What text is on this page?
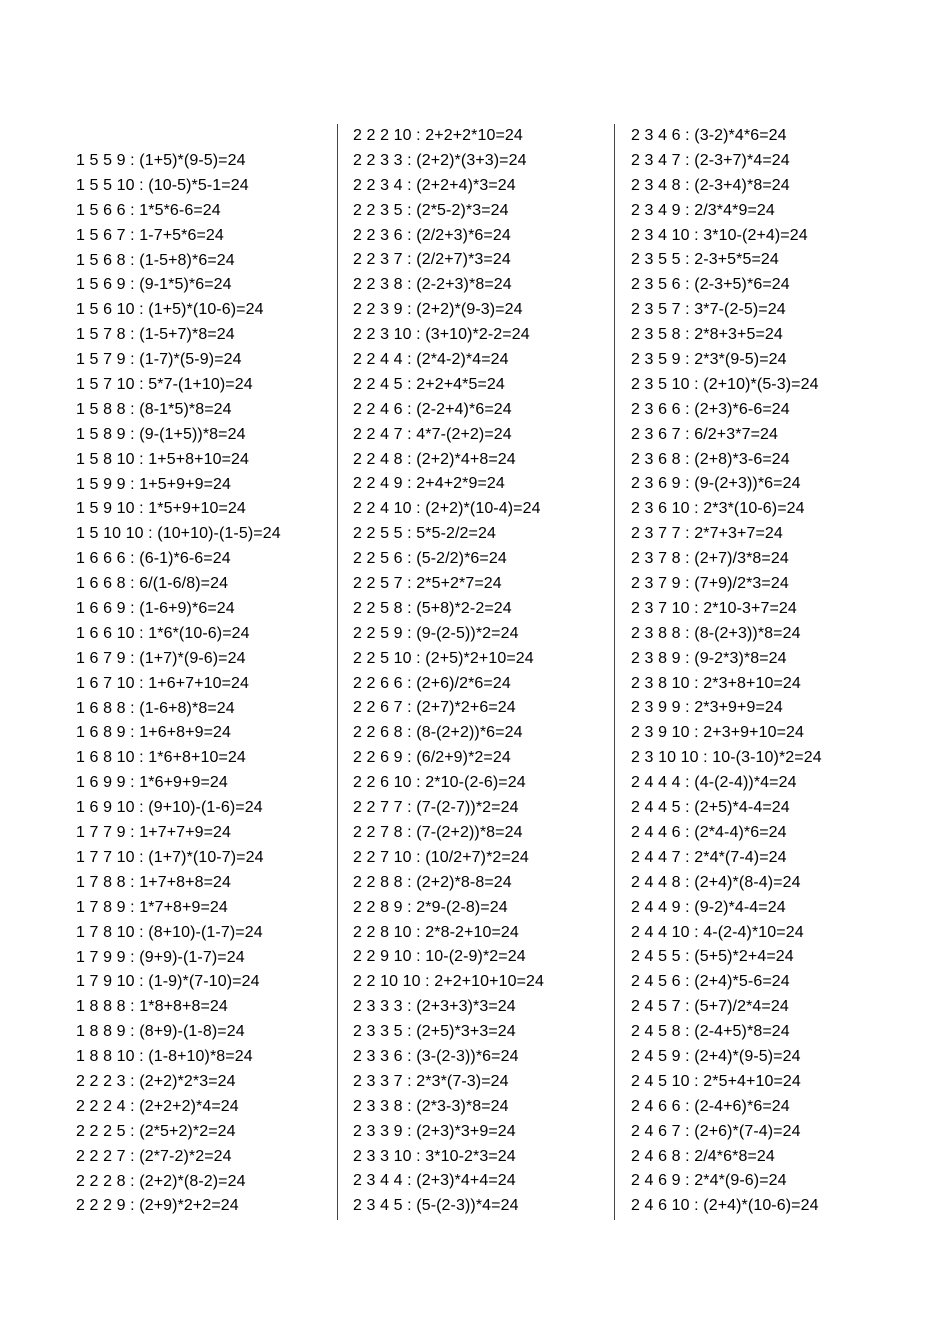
1 5 5 9 : (1+5)*(9-5)=24
1 5 5 10 : (10-5)*5-1=24
1 5 6 6 : 1*5*6-6=24
1 5 6 7 : 1-7+5*6=24
1 5 6 8 : (1-5+8)*6=24
1 5 6 9 : (9-1*5)*6=24
1 5 6 10 : (1+5)*(10-6)=24
1 5 7 8 : (1-5+7)*8=24
1 5 7 9 : (1-7)*(5-9)=24
1 5 7 10 : 5*7-(1+10)=24
1 5 8 8 : (8-1*5)*8=24
1 5 8 9 : (9-(1+5))*8=24
1 5 8 10 : 1+5+8+10=24
1 5 9 9 : 1+5+9+9=24
1 5 9 10 : 1*5+9+10=24
1 5 10 10 : (10+10)-(1-5)=24
1 6 6 6 : (6-1)*6-6=24
1 6 6 8 : 6/(1-6/8)=24
1 6 6 9 : (1-6+9)*6=24
1 6 6 10 : 1*6*(10-6)=24
1 6 7 9 : (1+7)*(9-6)=24
1 6 7 10 : 1+6+7+10=24
1 6 8 8 : (1-6+8)*8=24
1 6 8 9 : 1+6+8+9=24
1 6 8 10 : 1*6+8+10=24
1 6 9 9 : 1*6+9+9=24
1 6 9 10 : (9+10)-(1-6)=24
1 7 7 9 : 1+7+7+9=24
1 7 7 10 : (1+7)*(10-7)=24
1 7 8 8 : 1+7+8+8=24
1 7 8 9 : 1*7+8+9=24
1 7 8 10 : (8+10)-(1-7)=24
1 7 9 9 : (9+9)-(1-7)=24
1 7 9 10 : (1-9)*(7-10)=24
1 8 8 8 : 1*8+8+8=24
1 8 8 9 : (8+9)-(1-8)=24
1 8 8 10 : (1-8+10)*8=24
2 2 2 3 : (2+2)*2*3=24
2 2 2 4 : (2+2+2)*4=24
2 2 2 5 : (2*5+2)*2=24
2 2 2 7 : (2*7-2)*2=24
2 2 2 8 : (2+2)*(8-2)=24
2 2 2 9 : (2+9)*2+2=24
2 2 2 10 : 2+2+2*10=24
2 2 3 3 : (2+2)*(3+3)=24
2 2 3 4 : (2+2+4)*3=24
2 2 3 5 : (2*5-2)*3=24
2 2 3 6 : (2/2+3)*6=24
2 2 3 7 : (2/2+7)*3=24
2 2 3 8 : (2-2+3)*8=24
2 2 3 9 : (2+2)*(9-3)=24
2 2 3 10 : (3+10)*2-2=24
2 2 4 4 : (2*4-2)*4=24
2 2 4 5 : 2+2+4*5=24
2 2 4 6 : (2-2+4)*6=24
2 2 4 7 : 4*7-(2+2)=24
2 2 4 8 : (2+2)*4+8=24
2 2 4 9 : 2+4+2*9=24
2 2 4 10 : (2+2)*(10-4)=24
2 2 5 5 : 5*5-2/2=24
2 2 5 6 : (5-2/2)*6=24
2 2 5 7 : 2*5+2*7=24
2 2 5 8 : (5+8)*2-2=24
2 2 5 9 : (9-(2-5))*2=24
2 2 5 10 : (2+5)*2+10=24
2 2 6 6 : (2+6)/2*6=24
2 2 6 7 : (2+7)*2+6=24
2 2 6 8 : (8-(2+2))*6=24
2 2 6 9 : (6/2+9)*2=24
2 2 6 10 : 2*10-(2-6)=24
2 2 7 7 : (7-(2-7))*2=24
2 2 7 8 : (7-(2+2))*8=24
2 2 7 10 : (10/2+7)*2=24
2 2 8 8 : (2+2)*8-8=24
2 2 8 9 : 2*9-(2-8)=24
2 2 8 10 : 2*8-2+10=24
2 2 9 10 : 10-(2-9)*2=24
2 2 10 10 : 2+2+10+10=24
2 3 3 3 : (2+3+3)*3=24
2 3 3 5 : (2+5)*3+3=24
2 3 3 6 : (3-(2-3))*6=24
2 3 3 7 : 2*3*(7-3)=24
2 3 3 8 : (2*3-3)*8=24
2 3 3 9 : (2+3)*3+9=24
2 3 3 10 : 3*10-2*3=24
2 3 4 4 : (2+3)*4+4=24
2 3 4 5 : (5-(2-3))*4=24
2 3 4 6 : (3-2)*4*6=24
2 3 4 7 : (2-3+7)*4=24
2 3 4 8 : (2-3+4)*8=24
2 3 4 9 : 2/3*4*9=24
2 3 4 10 : 3*10-(2+4)=24
2 3 5 5 : 2-3+5*5=24
2 3 5 6 : (2-3+5)*6=24
2 3 5 7 : 3*7-(2-5)=24
2 3 5 8 : 2*8+3+5=24
2 3 5 9 : 2*3*(9-5)=24
2 3 5 10 : (2+10)*(5-3)=24
2 3 6 6 : (2+3)*6-6=24
2 3 6 7 : 6/2+3*7=24
2 3 6 8 : (2+8)*3-6=24
2 3 6 9 : (9-(2+3))*6=24
2 3 6 10 : 2*3*(10-6)=24
2 3 7 7 : 2*7+3+7=24
2 3 7 8 : (2+7)/3*8=24
2 3 7 9 : (7+9)/2*3=24
2 3 7 10 : 2*10-3+7=24
2 3 8 8 : (8-(2+3))*8=24
2 3 8 9 : (9-2*3)*8=24
2 3 8 10 : 2*3+8+10=24
2 3 9 9 : 2*3+9+9=24
2 3 9 10 : 2+3+9+10=24
2 3 10 10 : 10-(3-10)*2=24
2 4 4 4 : (4-(2-4))*4=24
2 4 4 5 : (2+5)*4-4=24
2 4 4 6 : (2*4-4)*6=24
2 4 4 7 : 2*4*(7-4)=24
2 4 4 8 : (2+4)*(8-4)=24
2 4 4 9 : (9-2)*4-4=24
2 4 4 10 : 4-(2-4)*10=24
2 4 5 5 : (5+5)*2+4=24
2 4 5 6 : (2+4)*5-6=24
2 4 5 7 : (5+7)/2*4=24
2 4 5 8 : (2-4+5)*8=24
2 4 5 9 : (2+4)*(9-5)=24
2 4 5 10 : 2*5+4+10=24
2 4 6 6 : (2-4+6)*6=24
2 4 6 7 : (2+6)*(7-4)=24
2 4 6 8 : 2/4*6*8=24
2 4 6 9 : 2*4*(9-6)=24
2 4 6 10 : (2+4)*(10-6)=24
